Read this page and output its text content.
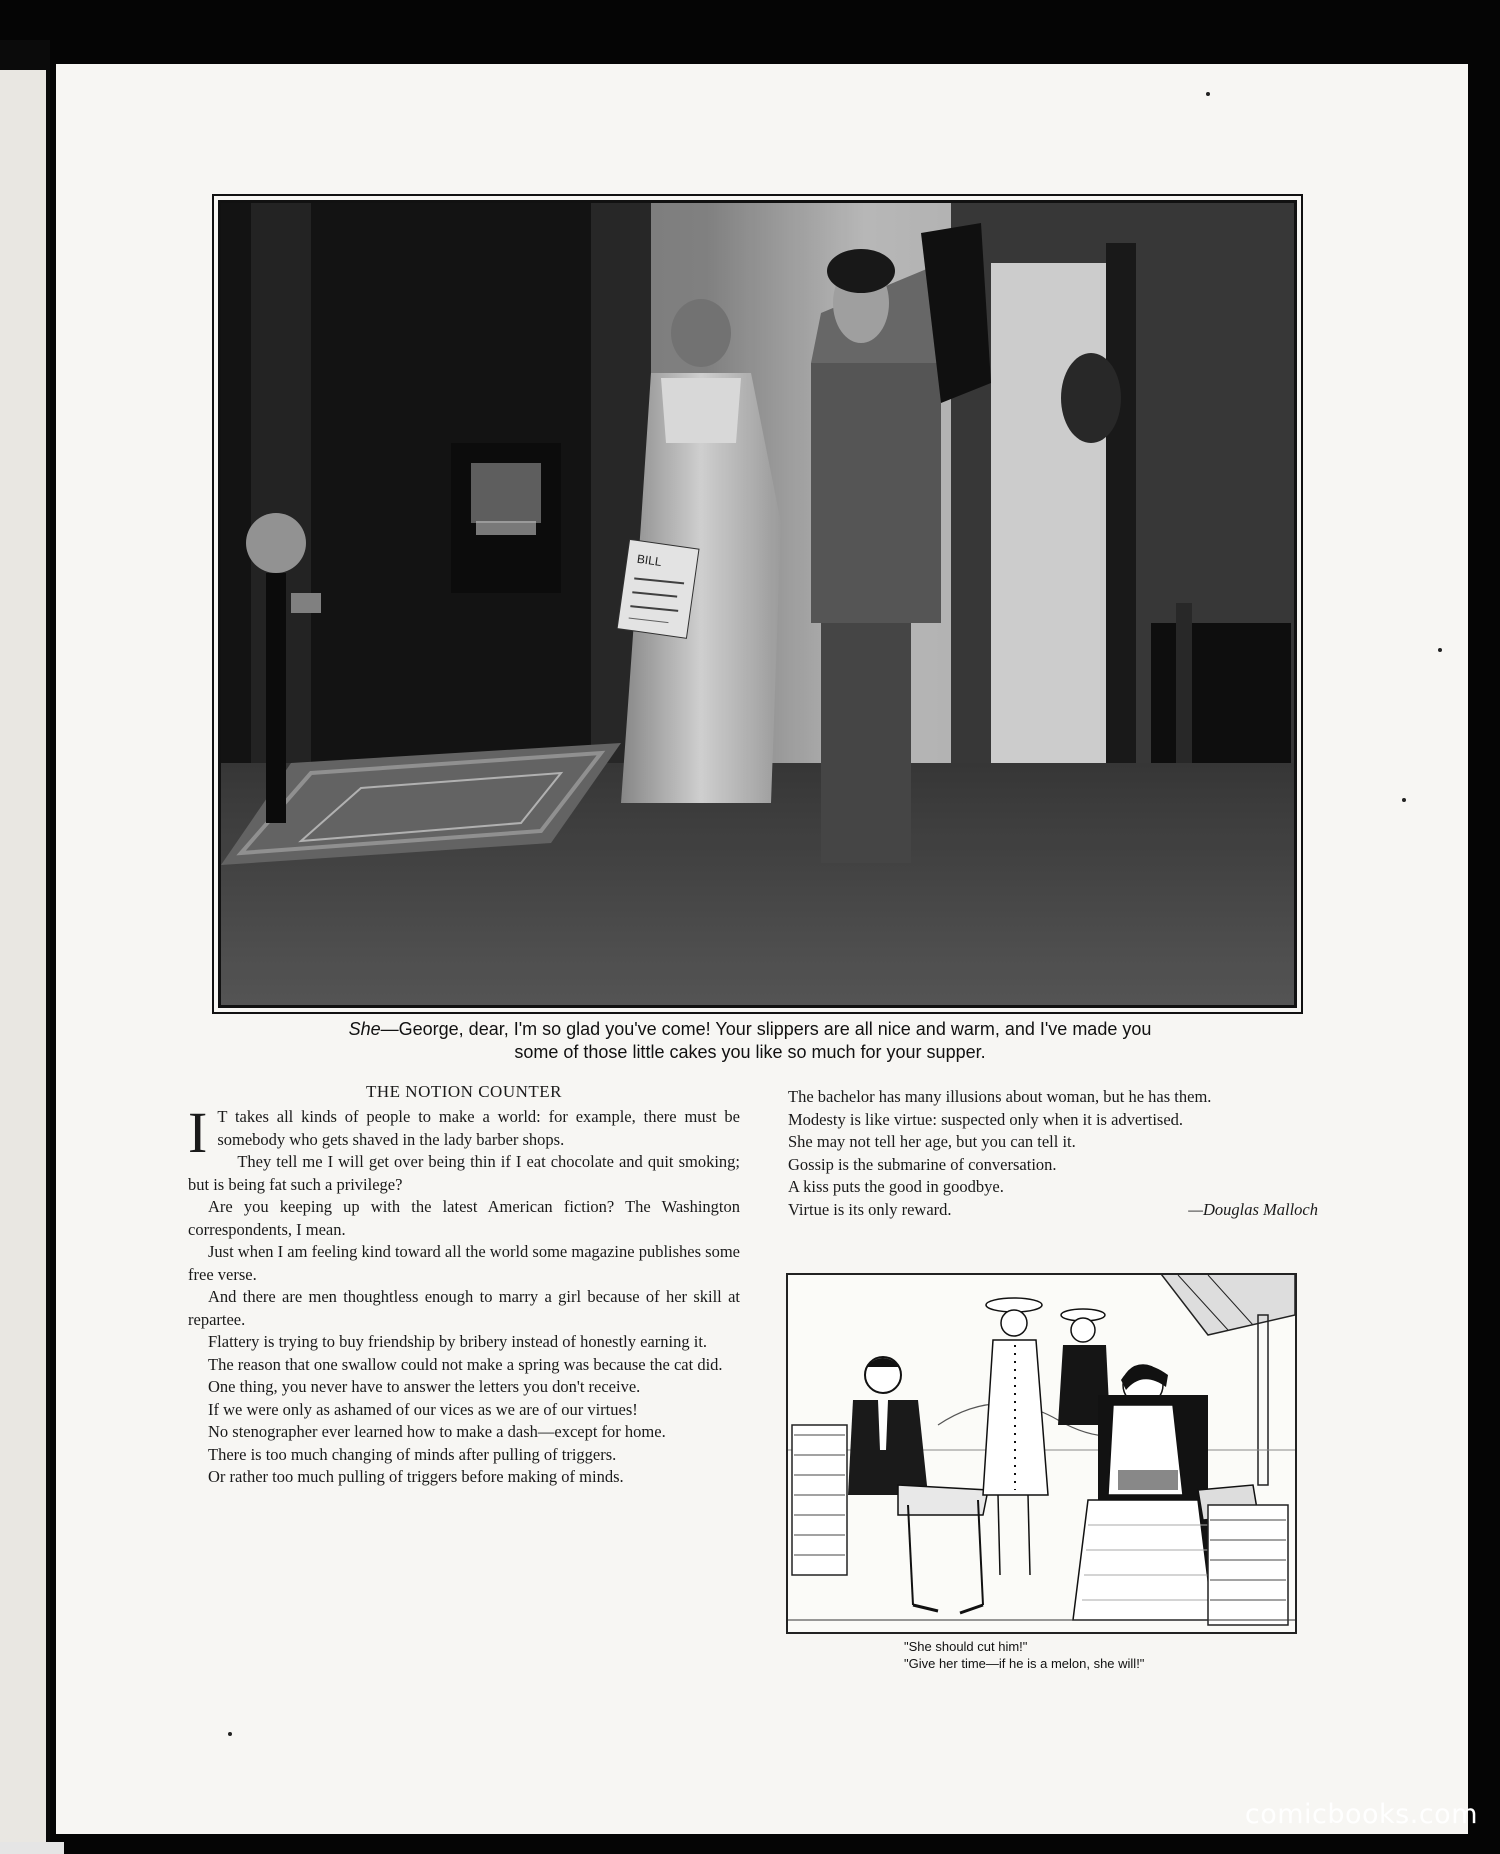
BILL
She—George, dear, I'm so glad you've come! Your slippers are all nice and warm, and I've made you
some of those little cakes you like so much for your supper.
THE NOTION COUNTER

I T takes all kinds of people to make a world: for example, there must be somebody who gets shaved in the lady barber shops.

They tell me I will get over being thin if I eat chocolate and quit smoking; but is being fat such a privilege?

Are you keeping up with the latest American fiction? The Washington correspondents, I mean.

Just when I am feeling kind toward all the world some magazine publishes some free verse.

And there are men thoughtless enough to marry a girl because of her skill at repartee.

Flattery is trying to buy friendship by bribery instead of honestly earning it.

The reason that one swallow could not make a spring was because the cat did.

One thing, you never have to answer the letters you don't receive.

If we were only as ashamed of our vices as we are of our virtues!

No stenographer ever learned how to make a dash—except for home.

There is too much changing of minds after pulling of triggers.

Or rather too much pulling of triggers before making of minds.

The bachelor has many illusions about woman, but he has them.

Modesty is like virtue: suspected only when it is advertised.

She may not tell her age, but you can tell it.

Gossip is the submarine of conversation.

A kiss puts the good in goodbye.

Virtue is its only reward.	—Douglas Malloch
"She should cut him!"
"Give her time—if he is a melon, she will!"
comicbooks.com
